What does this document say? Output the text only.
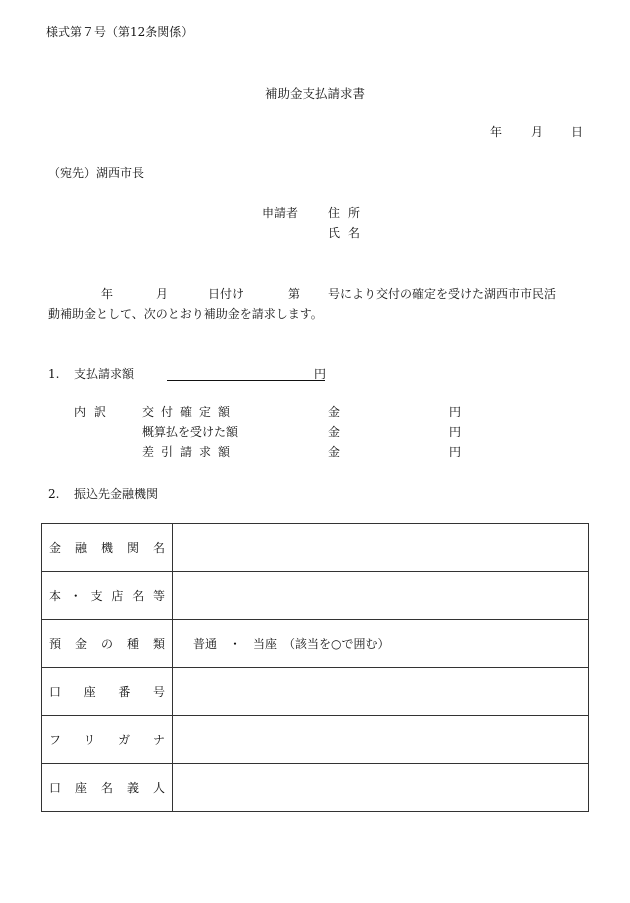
様式第７号（第12条関係）
補助金支払請求書
年 月 日
（宛先）湖西市長
申請者 住所
氏名
年	月	日付け	第 号により交付の確定を受けた湖西市市民活
動補助金として、次のとおり補助金を請求します。
1. 支払請求額	円
内訳 交付確定額	金	円
概算払を受けた額	金	円
差引請求額	金	円
2. 振込先金融機関
金融機関名	

本・支店名等	

預金の種類	普通　・　当座　（該当を○で囲む）

口座番号	

フリガナ	

口座名義人	
